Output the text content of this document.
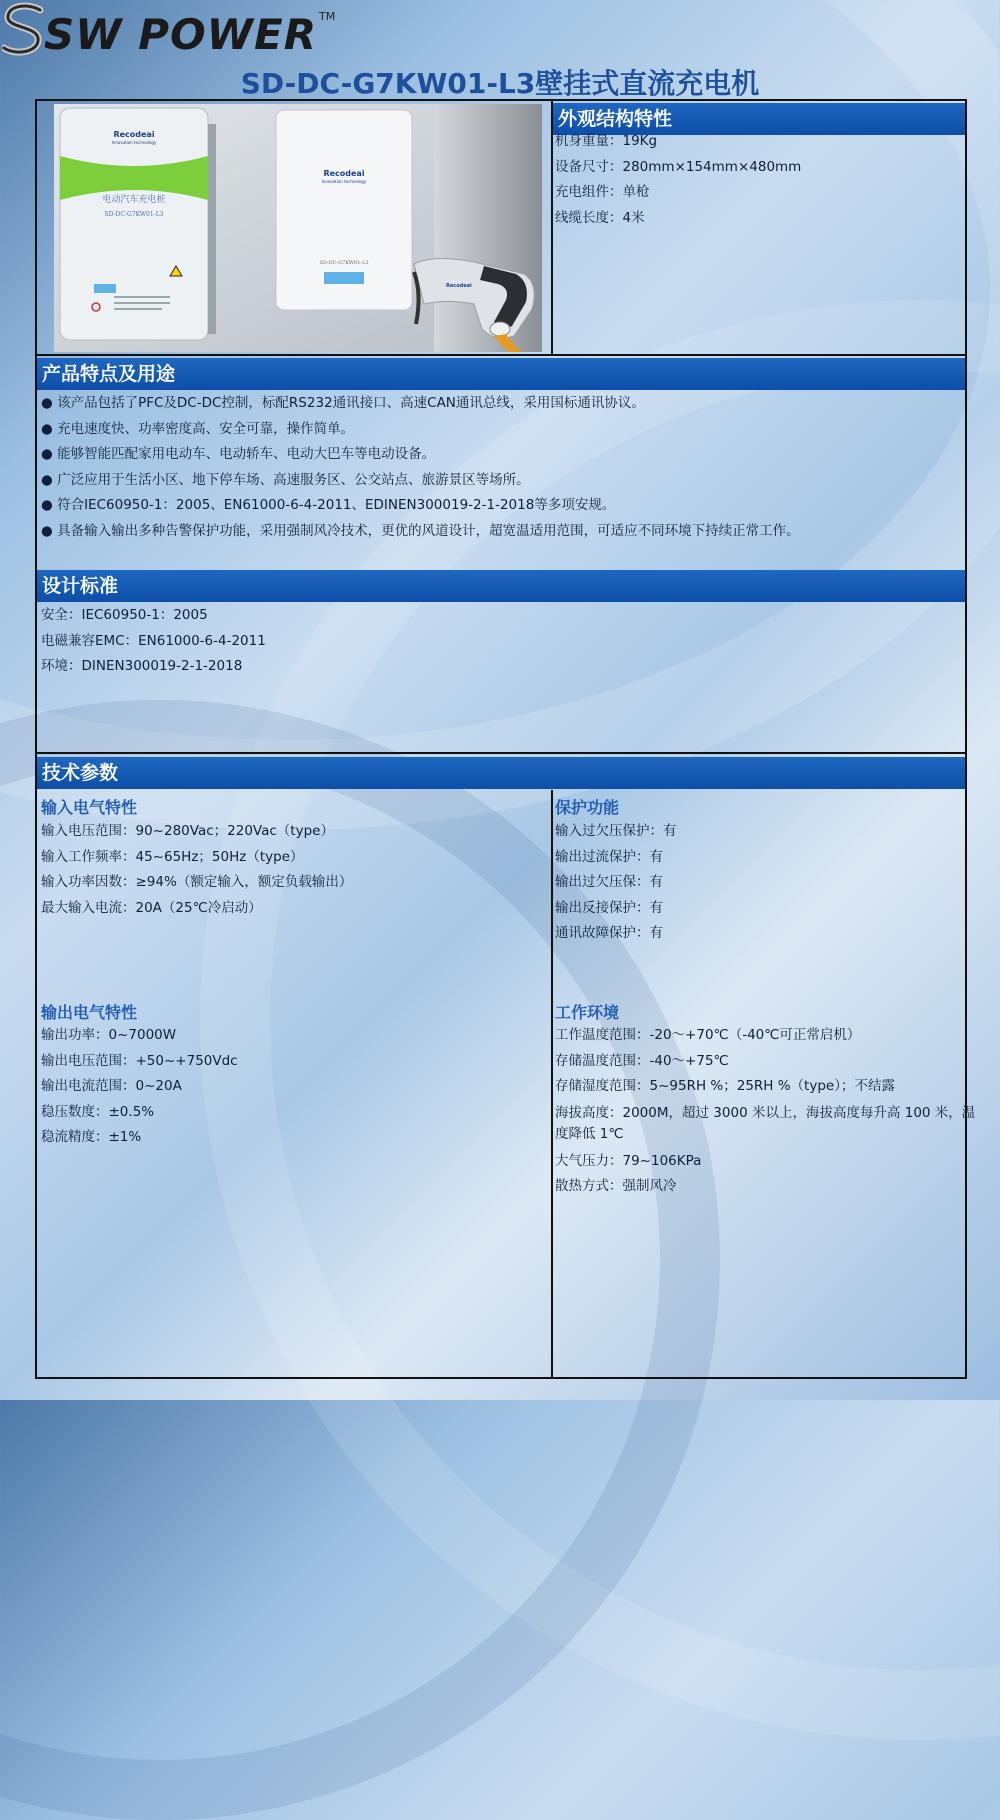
SW POWER TM
SD-DC-G7KW01-L3壁挂式直流充电机
Recodeai
Innovation technology
电动汽车充电桩
SD-DC-G7KW01-L3
Recodeai
Innovation technology
SD-DC-G7KW01-L3
Recodeai
外观结构特性
机身重量：19Kg
设备尺寸：280mm×154mm×480mm
充电组件：单枪
线缆长度：4米
产品特点及用途
● 该产品包括了PFC及DC-DC控制，标配RS232通讯接口、高速CAN通讯总线，采用国标通讯协议。
● 充电速度快、功率密度高、安全可靠，操作简单。
● 能够智能匹配家用电动车、电动轿车、电动大巴车等电动设备。
● 广泛应用于生活小区、地下停车场、高速服务区、公交站点、旅游景区等场所。
● 符合IEC60950-1：2005、EN61000-6-4-2011、EDINEN300019-2-1-2018等多项安规。
● 具备输入输出多种告警保护功能，采用强制风冷技术，更优的风道设计，超宽温适用范围，可适应不同环境下持续正常工作。
设计标准
安全：IEC60950-1：2005
电磁兼容EMC：EN61000-6-4-2011
环境：DINEN300019-2-1-2018
技术参数
输入电气特性
输入电压范围：90~280Vac；220Vac（type）
输入工作频率：45~65Hz；50Hz（type）
输入功率因数：≥94%（额定输入，额定负载输出）
最大输入电流：20A（25℃冷启动）
保护功能
输入过欠压保护：有
输出过流保护：有
输出过欠压保：有
输出反接保护：有
通讯故障保护：有
输出电气特性
输出功率：0~7000W
输出电压范围：+50~+750Vdc
输出电流范围：0~20A
稳压数度：±0.5%
稳流精度：±1%
工作环境
工作温度范围：-20～+70℃（-40℃可正常启机）
存储温度范围：-40～+75℃
存储湿度范围：5~95RH %；25RH %（type）；不结露
海拔高度：2000M，超过 3000 米以上，海拔高度每升高 100 米，温
度降低 1℃
大气压力：79~106KPa
散热方式：强制风冷
